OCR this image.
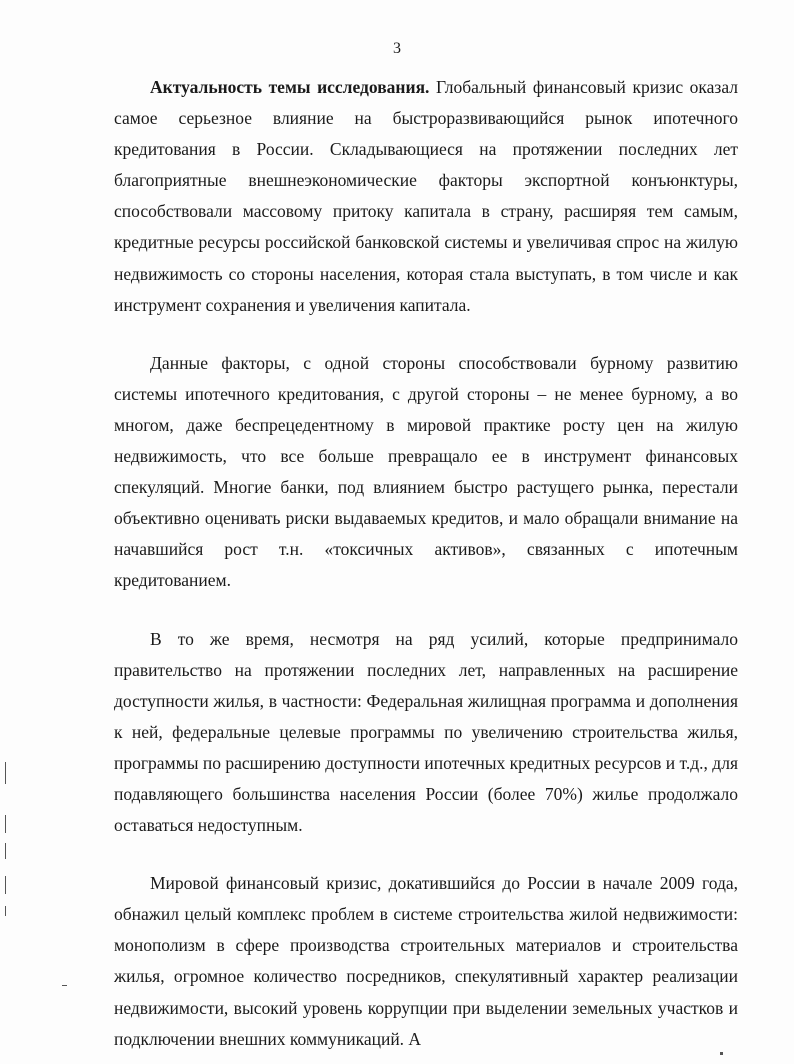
3

Актуальность темы исследования. Глобальный финансовый кризис оказал самое серьезное влияние на быстроразвивающийся рынок ипотечного кредитования в России. Складывающиеся на протяжении последних лет благоприятные внешнеэкономические факторы экспортной конъюнктуры, способствовали массовому притоку капитала в страну, расширяя тем самым, кредитные ресурсы российской банковской системы и увеличивая спрос на жилую недвижимость со стороны населения, которая стала выступать, в том числе и как инструмент сохранения и увеличения капитала.

Данные факторы, с одной стороны способствовали бурному развитию системы ипотечного кредитования, с другой стороны – не менее бурному, а во многом, даже беспрецедентному в мировой практике росту цен на жилую недвижимость, что все больше превращало ее в инструмент финансовых спекуляций. Многие банки, под влиянием быстро растущего рынка, перестали объективно оценивать риски выдаваемых кредитов, и мало обращали внимание на начавшийся рост т.н. «токсичных активов», связанных с ипотечным кредитованием.

В то же время, несмотря на ряд усилий, которые предпринимало правительство на протяжении последних лет, направленных на расширение доступности жилья, в частности: Федеральная жилищная программа и дополнения к ней, федеральные целевые программы по увеличению строительства жилья, программы по расширению доступности ипотечных кредитных ресурсов и т.д., для подавляющего большинства населения России (более 70%) жилье продолжало оставаться недоступным.

Мировой финансовый кризис, докатившийся до России в начале 2009 года, обнажил целый комплекс проблем в системе строительства жилой недвижимости: монополизм в сфере производства строительных материалов и строительства жилья, огромное количество посредников, спекулятивный характер реализации недвижимости, высокий уровень коррупции при выделении земельных участков и подключении внешних коммуникаций. А
